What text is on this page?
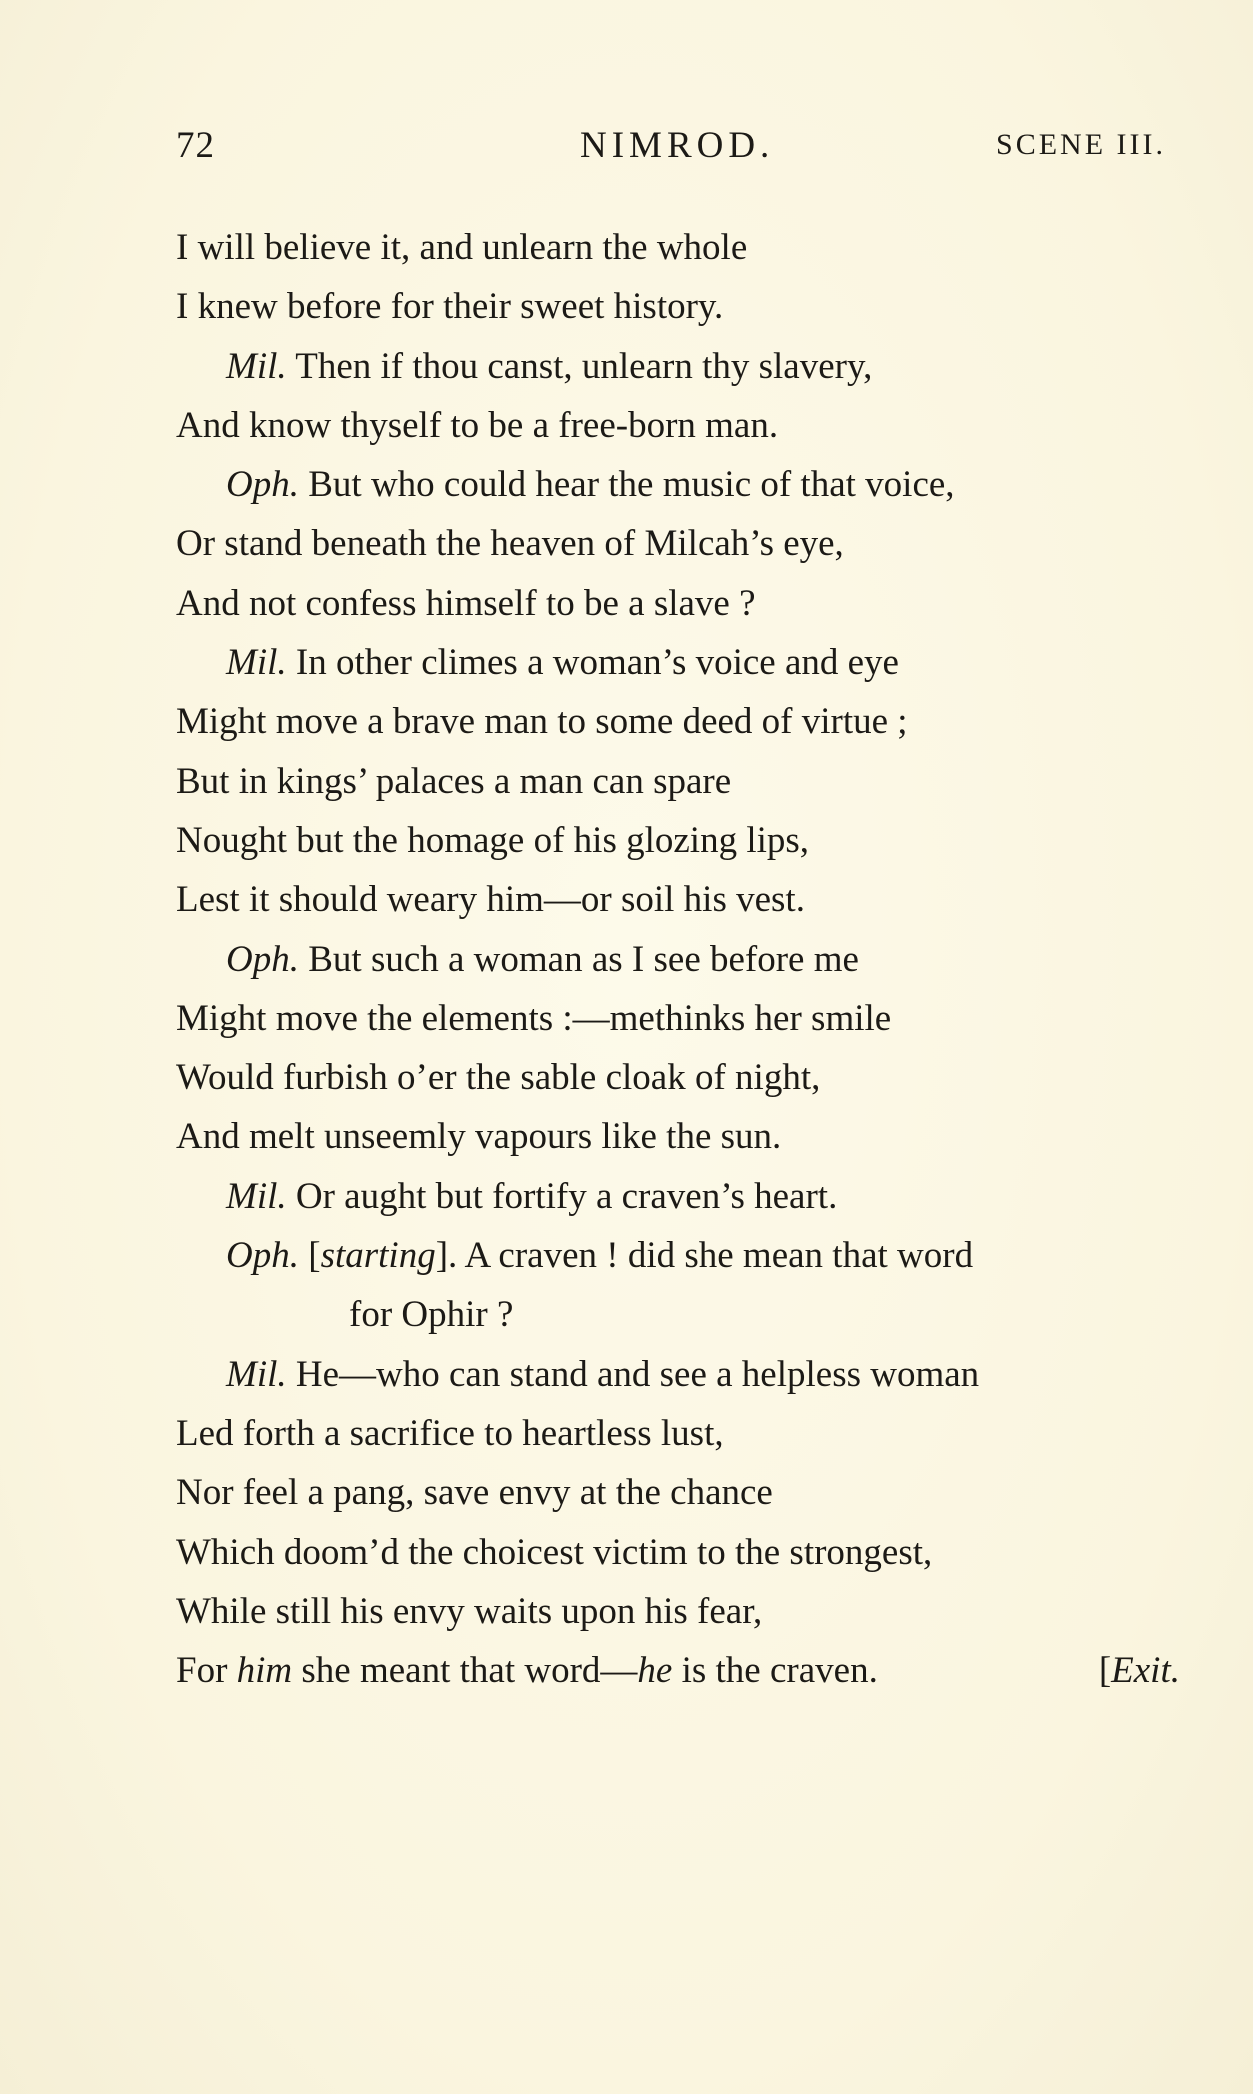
72	NIMROD.	SCENE III.
I will believe it, and unlearn the whole
I knew before for their sweet history.
Mil. Then if thou canst, unlearn thy slavery,
And know thyself to be a free-born man.
Oph. But who could hear the music of that voice,
Or stand beneath the heaven of Milcah’s eye,
And not confess himself to be a slave ?
Mil. In other climes a woman’s voice and eye
Might move a brave man to some deed of virtue ;
But in kings’ palaces a man can spare
Nought but the homage of his glozing lips,
Lest it should weary him—or soil his vest.
Oph. But such a woman as I see before me
Might move the elements :—methinks her smile
Would furbish o’er the sable cloak of night,
And melt unseemly vapours like the sun.
Mil. Or aught but fortify a craven’s heart.
Oph. [starting]. A craven ! did she mean that word
for Ophir ?
Mil. He—who can stand and see a helpless woman
Led forth a sacrifice to heartless lust,
Nor feel a pang, save envy at the chance
Which doom’d the choicest victim to the strongest,
While still his envy waits upon his fear,
For him she meant that word—he is the craven.	[Exit.
